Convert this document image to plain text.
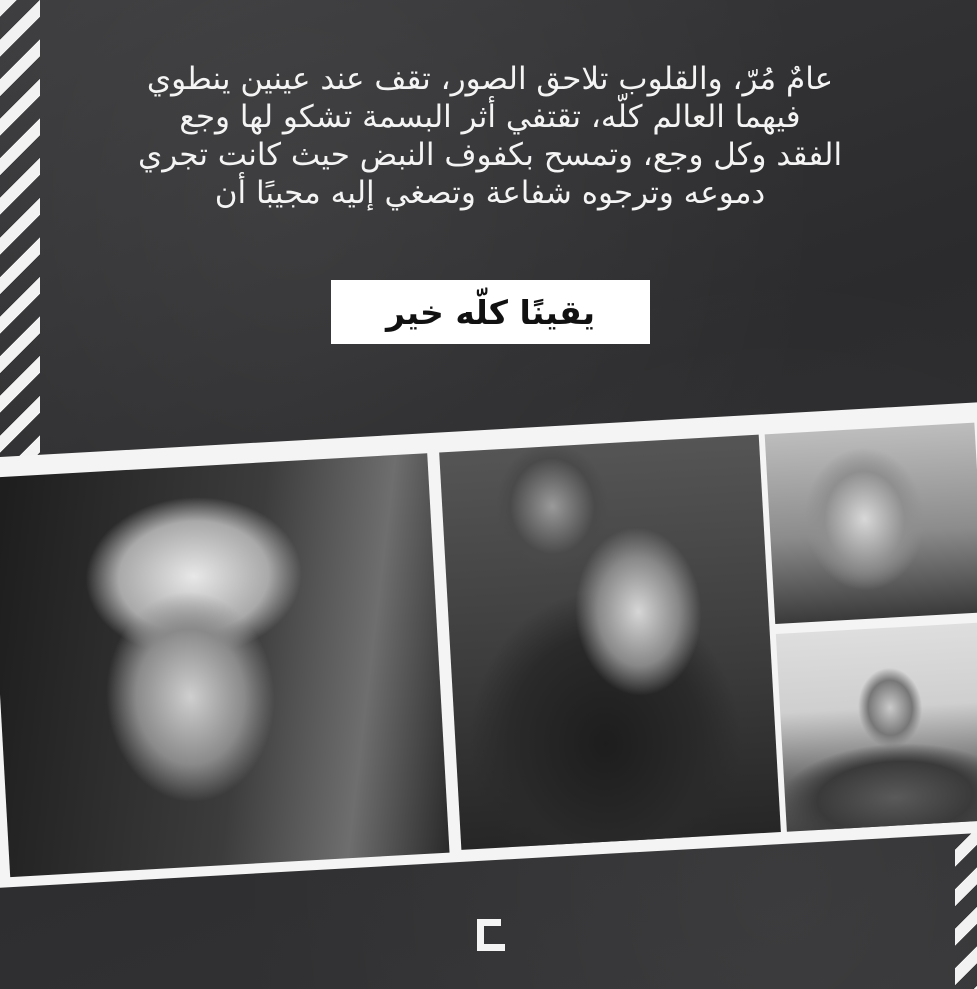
عامٌ مُرّ، والقلوب تلاحق الصور، تقف عند عينين ينطوي
فيهما العالم كلّه، تقتفي أثر البسمة تشكو لها وجع
الفقد وكل وجع، وتمسح بكفوف النبض حيث كانت تجري
دموعه وترجوه شفاعة وتصغي إليه مجيبًا أن
يقينًا كلّه خير
